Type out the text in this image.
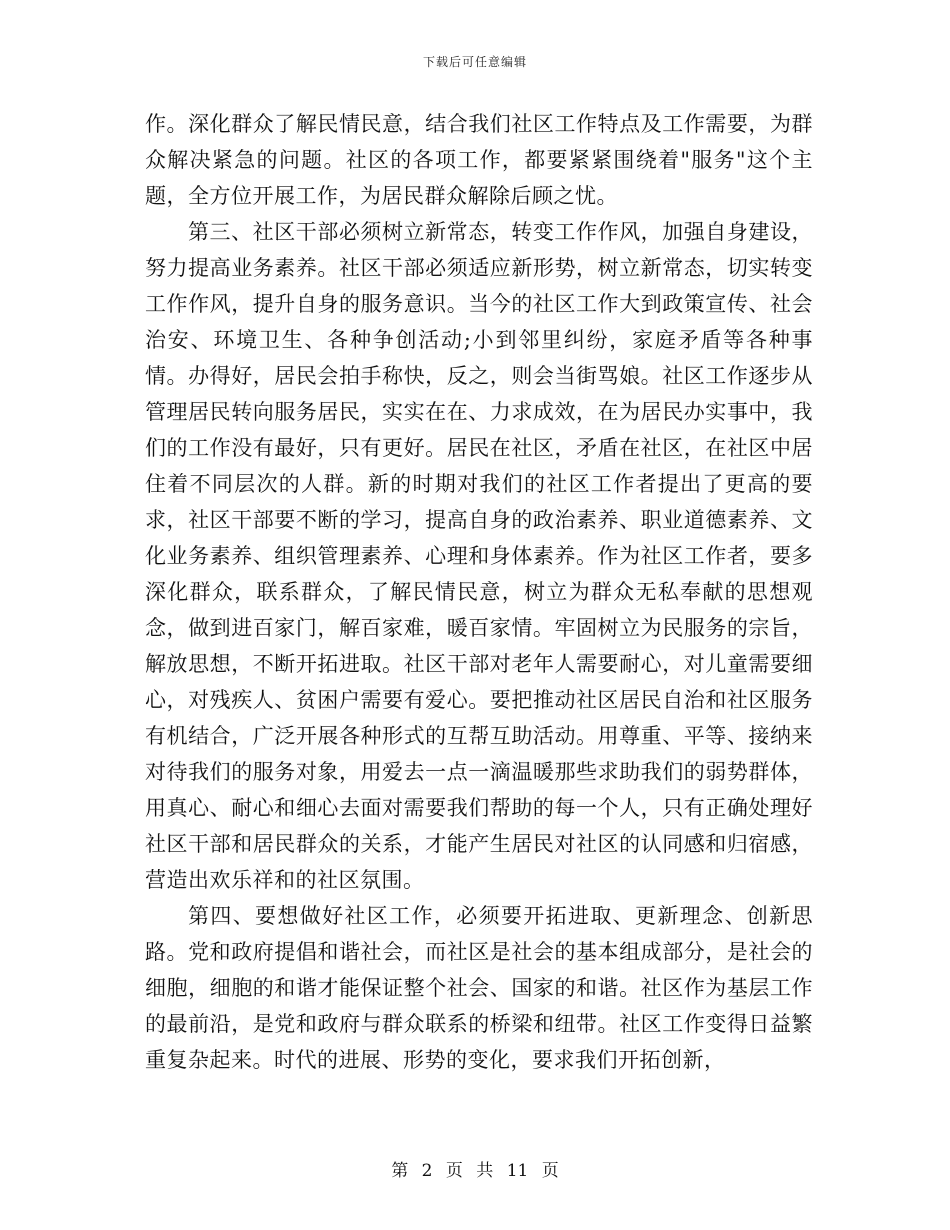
下载后可任意编辑

作。深化群众了解民情民意，结合我们社区工作特点及工作需要，为群众解决紧急的问题。社区的各项工作，都要紧紧围绕着"服务"这个主题，全方位开展工作，为居民群众解除后顾之忧。

第三、社区干部必须树立新常态，转变工作作风，加强自身建设，努力提高业务素养。社区干部必须适应新形势，树立新常态，切实转变工作作风，提升自身的服务意识。当今的社区工作大到政策宣传、社会治安、环境卫生、各种争创活动;小到邻里纠纷，家庭矛盾等各种事情。办得好，居民会拍手称快，反之，则会当街骂娘。社区工作逐步从管理居民转向服务居民，实实在在、力求成效，在为居民办实事中，我们的工作没有最好，只有更好。居民在社区，矛盾在社区，在社区中居住着不同层次的人群。新的时期对我们的社区工作者提出了更高的要求，社区干部要不断的学习，提高自身的政治素养、职业道德素养、文化业务素养、组织管理素养、心理和身体素养。作为社区工作者，要多深化群众，联系群众，了解民情民意，树立为群众无私奉献的思想观念，做到进百家门，解百家难，暖百家情。牢固树立为民服务的宗旨，解放思想，不断开拓进取。社区干部对老年人需要耐心，对儿童需要细心，对残疾人、贫困户需要有爱心。要把推动社区居民自治和社区服务有机结合，广泛开展各种形式的互帮互助活动。用尊重、平等、接纳来对待我们的服务对象，用爱去一点一滴温暖那些求助我们的弱势群体，用真心、耐心和细心去面对需要我们帮助的每一个人，只有正确处理好社区干部和居民群众的关系，才能产生居民对社区的认同感和归宿感，营造出欢乐祥和的社区氛围。

第四、要想做好社区工作，必须要开拓进取、更新理念、创新思路。党和政府提倡和谐社会，而社区是社会的基本组成部分，是社会的细胞，细胞的和谐才能保证整个社会、国家的和谐。社区作为基层工作的最前沿，是党和政府与群众联系的桥梁和纽带。社区工作变得日益繁重复杂起来。时代的进展、形势的变化，要求我们开拓创新，

第 2 页 共 11 页
